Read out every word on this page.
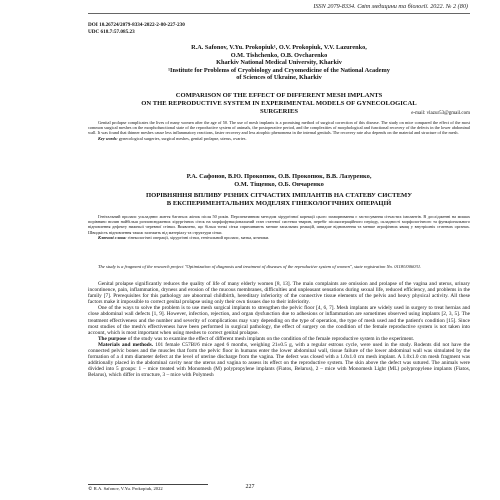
ISSN 2079-8334. Світ медицини та біології. 2022. № 2 (80)
DOI 10.26724/2079-8334-2022-2-80-227-230
UDC 618.7:57.085.23
R.A. Safonov, V.Yu. Prokopiuk¹, O.V. Prokopiuk, V.V. Lazurenko,
O.M. Tishchenko, O.B. Ovcharenko
Kharkiv National Medical University, Kharkiv
¹Institute for Problems of Cryobiology and Cryomedicine of the National Academy
of Sciences of Ukraine, Kharkiv
COMPARISON OF THE EFFECT OF DIFFERENT MESH IMPLANTS
ON THE REPRODUCTIVE SYSTEM IN EXPERIMENTAL MODELS OF GYNECOLOGICAL
SURGERIES	e-mail: vlazur53@gmail.com
Genital prolapse complicates the lives of many women after the age of 50. The use of mesh implants is a promising method of surgical correction of this disease. The study on mice compared the effect of the most common surgical meshes on the morphofunctional state of the reproductive system of animals, the postoperative period, and the complexities of morphological and functional recovery of the defects in the lower abdominal wall. It was found that thinner meshes cause less inflammatory reactions, faster recovery and less atrophic phenomena in the internal genitals. The recovery rate also depends on the material and structure of the mesh.
Key words: gynecological surgeries, surgical meshes, genital prolapse, uterus, ovaries.
Р.А. Сафонов, В.Ю. Прокопюк, О.В. Прокопюк, В.В. Лазуренко,
О.М. Тіщенко, О.Б. Овчаренко
ПОРІВНЯННЯ ВПЛИВУ РІЗНИХ СІТЧАСТИХ ІМПЛАНТІВ НА СТАТЕВУ СИСТЕМУ
В ЕКСПЕРИМЕНТАЛЬНИХ МОДЕЛЯХ ГІНЕКОЛОГІЧНИХ ОПЕРАЦІЙ
Генітальний пролапс ускладнює життя багатьох жінок після 50 років. Перспективним методом хірургічної корекції цього захворювання є застосування сітчастих імплантів. В дослідженні на мишах порівняно вплив найбільш розповсюджених хірургічних сіток на морфофункціональний стан статевої системи тварин, перебіг післяопераційного періоду, складності морфологічного та функціонального відновлення дефекту нижньої черевної стінки. Виявлено, що більш тонкі сітки спричиняють менше запальних реакцій, швидше відновлення та менше атрофічних явищ у внутрішніх статевих органах. Швидкість відновлення також залежить від матеріалу та структури сітки.
Ключові слова: гінекологічні операції, хірургічні сітки, генітальний пролапс, матка, яєчники.
The study is a fragment of the research project "Optimization of diagnosis and treatment of diseases of the reproductive system of women", state registration No. 0118U006031.

Genital prolapse significantly reduces the quality of life of many elderly women [8, 13]. The main complaints are omission and prolapse of the vagina and uterus, urinary incontinence, pain, inflammation, dryness and erosion of the mucous membranes, difficulties and unpleasant sensations during sexual life, reduced efficiency, and problems in the family [7]. Prerequisites for this pathology are abnormal childbirth, hereditary inferiority of the connective tissue elements of the pelvis and heavy physical activity. All these factors make it impossible to correct genital prolapse using only their own tissues due to their inferiority.

One of the ways to solve the problem is to use mesh surgical implants to strengthen the pelvic floor [4, 6, 7]. Mesh implants are widely used in surgery to treat hernias and close abdominal wall defects [1, 9]. However, infection, rejection, and organ dysfunction due to adhesions or inflammation are sometimes observed using implants [2, 3, 5]. The treatment effectiveness and the number and severity of complications may vary depending on the type of operation, the type of mesh used and the patient's condition [15]. Since most studies of the mesh's effectiveness have been performed in surgical pathology, the effect of surgery on the condition of the female reproductive system is not taken into account, which is most important when using meshes to correct genital prolapse.

The purpose of the study was to examine the effect of different mesh implants on the condition of the female reproductive system in the experiment.

Materials and methods. 101 female C57Bl/6 mice aged 6 months, weighing 21±0.5 g, with a regular estrous cycle, were used in the study. Rodents did not have the connected pelvic bones and the muscles that form the pelvic floor in humans enter the lower abdominal wall, tissue failure of the lower abdominal wall was simulated by the formation of a 4 mm diameter defect at the level of uterine discharge from the vagina. The defect was closed with a 1.0x1.0 cm mesh implant. A 1.0x1.0 cm mesh fragment was additionally placed in the abdominal cavity near the uterus and vagina to assess its effect on the reproductive system. The skin above the defect was sutured. The animals were divided into 5 groups: 1 – mice treated with Monomesh (M) polypropylene implants (Fiatos, Belarus), 2 – mice with Monomesh Light (ML) polypropylene implants (Fiatos, Belarus), which differ in structure, 3 – mice with Polymesh

© R.A. Safonov, V.Yu. Prokopiuk, 2022	227
